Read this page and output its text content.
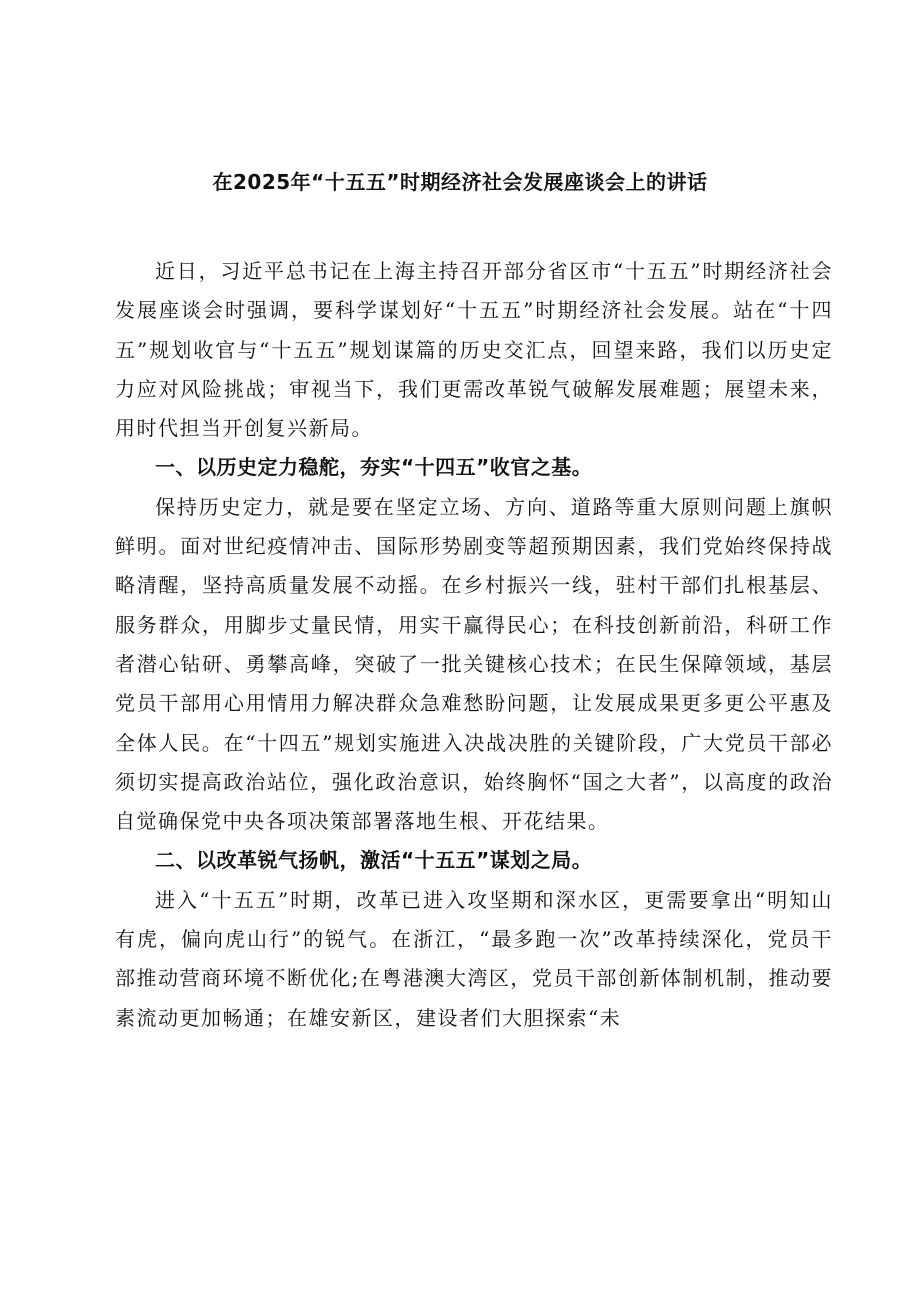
在2025年“十五五”时期经济社会发展座谈会上的讲话

近日，习近平总书记在上海主持召开部分省区市“十五五”时期经济社会发展座谈会时强调，要科学谋划好“十五五”时期经济社会发展。站在“十四五”规划收官与“十五五”规划谋篇的历史交汇点，回望来路，我们以历史定力应对风险挑战；审视当下，我们更需改革锐气破解发展难题；展望未来，用时代担当开创复兴新局。

一、以历史定力稳舵，夯实“十四五”收官之基。

保持历史定力，就是要在坚定立场、方向、道路等重大原则问题上旗帜鲜明。面对世纪疫情冲击、国际形势剧变等超预期因素，我们党始终保持战略清醒，坚持高质量发展不动摇。在乡村振兴一线，驻村干部们扎根基层、服务群众，用脚步丈量民情，用实干赢得民心；在科技创新前沿，科研工作者潜心钻研、勇攀高峰，突破了一批关键核心技术；在民生保障领域，基层党员干部用心用情用力解决群众急难愁盼问题，让发展成果更多更公平惠及全体人民。在“十四五”规划实施进入决战决胜的关键阶段，广大党员干部必须切实提高政治站位，强化政治意识，始终胸怀“国之大者”，以高度的政治自觉确保党中央各项决策部署落地生根、开花结果。

二、以改革锐气扬帆，激活“十五五”谋划之局。

进入“十五五”时期，改革已进入攻坚期和深水区，更需要拿出“明知山有虎，偏向虎山行”的锐气。在浙江，“最多跑一次”改革持续深化，党员干部推动营商环境不断优化;在粤港澳大湾区，党员干部创新体制机制，推动要素流动更加畅通；在雄安新区，建设者们大胆探索“未
